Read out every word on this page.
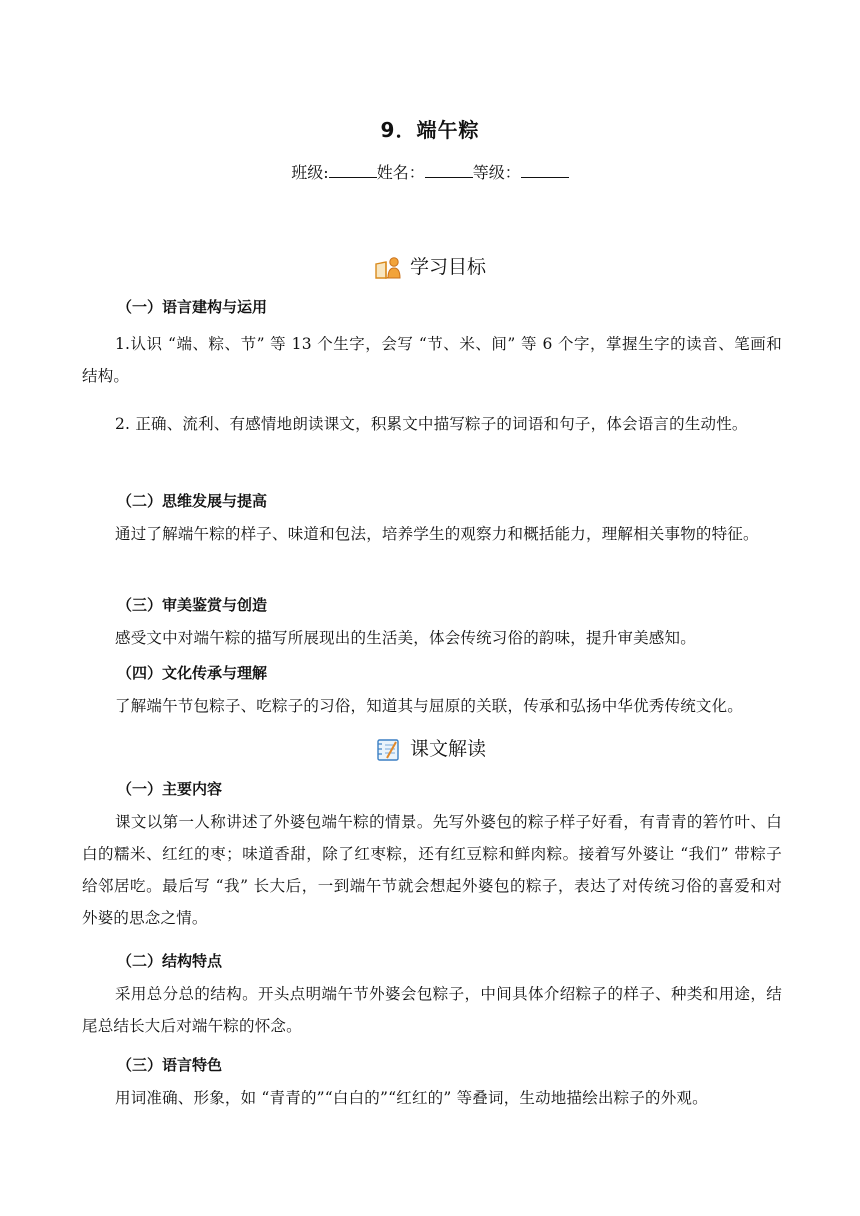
9．端午粽
班级:	姓名：	等级：
学习目标
（一）语言建构与运用
1.认识 “端、粽、节” 等 13 个生字，会写 “节、米、间” 等 6 个字，掌握生字的读音、笔画和结构。
2. 正确、流利、有感情地朗读课文，积累文中描写粽子的词语和句子，体会语言的生动性。
（二）思维发展与提高
通过了解端午粽的样子、味道和包法，培养学生的观察力和概括能力，理解相关事物的特征。
（三）审美鉴赏与创造
感受文中对端午粽的描写所展现出的生活美，体会传统习俗的韵味，提升审美感知。
（四）文化传承与理解
了解端午节包粽子、吃粽子的习俗，知道其与屈原的关联，传承和弘扬中华优秀传统文化。
课文解读
（一）主要内容
课文以第一人称讲述了外婆包端午粽的情景。先写外婆包的粽子样子好看，有青青的箬竹叶、白白的糯米、红红的枣；味道香甜，除了红枣粽，还有红豆粽和鲜肉粽。接着写外婆让 “我们” 带粽子给邻居吃。最后写 “我” 长大后，一到端午节就会想起外婆包的粽子，表达了对传统习俗的喜爱和对外婆的思念之情。
（二）结构特点
采用总分总的结构。开头点明端午节外婆会包粽子，中间具体介绍粽子的样子、种类和用途，结尾总结长大后对端午粽的怀念。
（三）语言特色
用词准确、形象，如 “青青的”“白白的”“红红的” 等叠词，生动地描绘出粽子的外观。
